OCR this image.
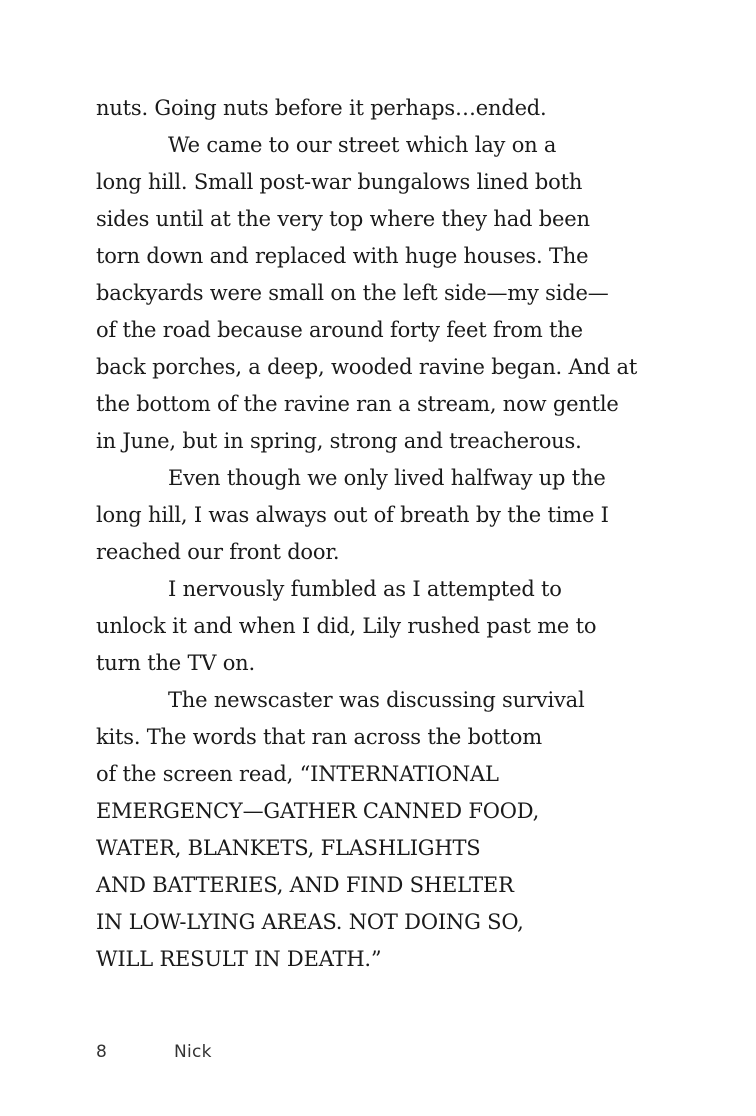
nuts. Going nuts before it perhaps…ended.
We came to our street which lay on a
long hill. Small post-war bungalows lined both
sides until at the very top where they had been
torn down and replaced with huge houses. The
backyards were small on the left side—my side—
of the road because around forty feet from the
back porches, a deep, wooded ravine began. And at
the bottom of the ravine ran a stream, now gentle
in June, but in spring, strong and treacherous.
Even though we only lived halfway up the
long hill, I was always out of breath by the time I
reached our front door.
I nervously fumbled as I attempted to
unlock it and when I did, Lily rushed past me to
turn the TV on.
The newscaster was discussing survival
kits. The words that ran across the bottom
of the screen read, “INTERNATIONAL
EMERGENCY—GATHER CANNED FOOD,
WATER, BLANKETS, FLASHLIGHTS
AND BATTERIES, AND FIND SHELTER
IN LOW-LYING AREAS. NOT DOING SO,
WILL RESULT IN DEATH.”
8	Nick
